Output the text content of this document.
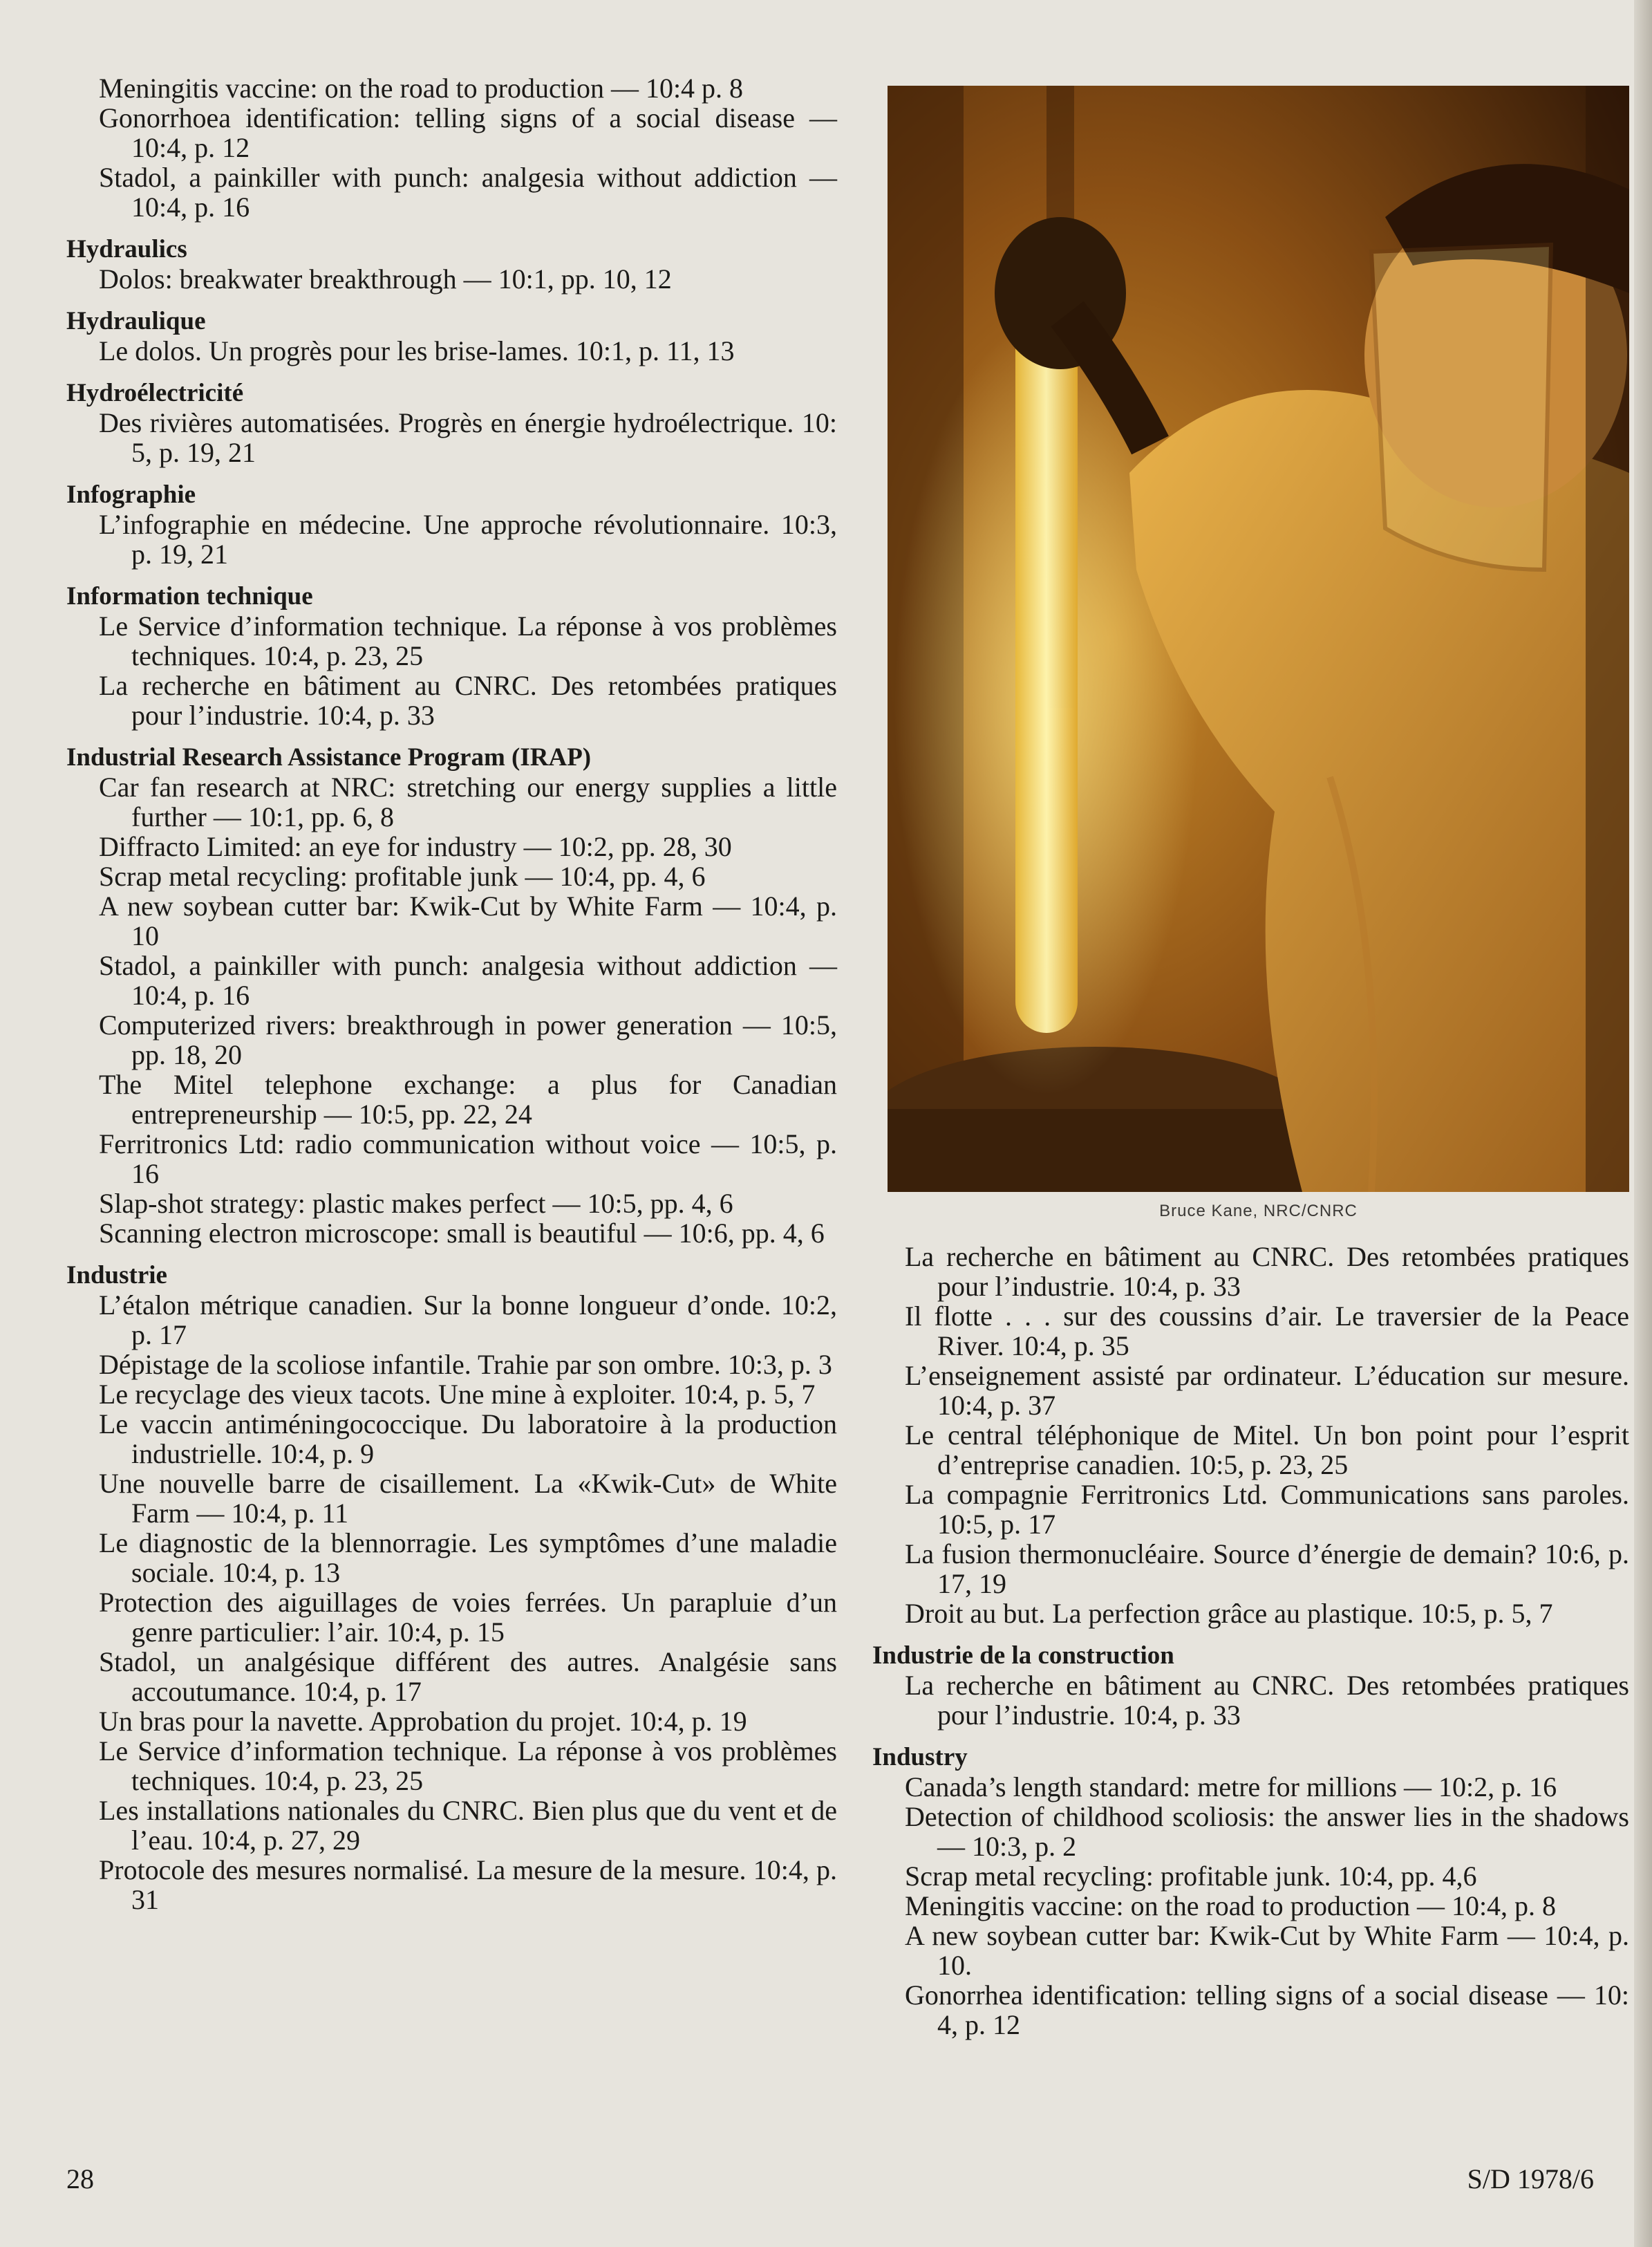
Meningitis vaccine: on the road to production — 10:4 p. 8

Gonorrhoea identification: telling signs of a social disease — 10:4, p. 12

Stadol, a painkiller with punch: analgesia without addiction — 10:4, p. 16

Hydraulics

Dolos: breakwater breakthrough — 10:1, pp. 10, 12

Hydraulique

Le dolos. Un progrès pour les brise-lames. 10:1, p. 11, 13

Hydroélectricité

Des rivières automatisées. Progrès en énergie hydroélectrique. 10: 5, p. 19, 21

Infographie

L’infographie en médecine. Une approche révolutionnaire. 10:3, p. 19, 21

Information technique

Le Service d’information technique. La réponse à vos problèmes techniques. 10:4, p. 23, 25

La recherche en bâtiment au CNRC. Des retombées pratiques pour l’industrie. 10:4, p. 33

Industrial Research Assistance Program (IRAP)

Car fan research at NRC: stretching our energy supplies a little further — 10:1, pp. 6, 8

Diffracto Limited: an eye for industry — 10:2, pp. 28, 30

Scrap metal recycling: profitable junk — 10:4, pp. 4, 6

A new soybean cutter bar: Kwik-Cut by White Farm — 10:4, p. 10

Stadol, a painkiller with punch: analgesia without addiction — 10:4, p. 16

Computerized rivers: breakthrough in power generation — 10:5, pp. 18, 20

The Mitel telephone exchange: a plus for Canadian entrepreneurship — 10:5, pp. 22, 24

Ferritronics Ltd: radio communication without voice — 10:5, p. 16

Slap-shot strategy: plastic makes perfect — 10:5, pp. 4, 6

Scanning electron microscope: small is beautiful — 10:6, pp. 4, 6

Industrie

L’étalon métrique canadien. Sur la bonne longueur d’onde. 10:2, p. 17

Dépistage de la scoliose infantile. Trahie par son ombre. 10:3, p. 3

Le recyclage des vieux tacots. Une mine à exploiter. 10:4, p. 5, 7

Le vaccin antiméningococcique. Du laboratoire à la production industrielle. 10:4, p. 9

Une nouvelle barre de cisaillement. La «Kwik-Cut» de White Farm — 10:4, p. 11

Le diagnostic de la blennorragie. Les symptômes d’une maladie sociale. 10:4, p. 13

Protection des aiguillages de voies ferrées. Un parapluie d’un genre particulier: l’air. 10:4, p. 15

Stadol, un analgésique différent des autres. Analgésie sans accoutumance. 10:4, p. 17

Un bras pour la navette. Approbation du projet. 10:4, p. 19

Le Service d’information technique. La réponse à vos problèmes techniques. 10:4, p. 23, 25

Les installations nationales du CNRC. Bien plus que du vent et de l’eau. 10:4, p. 27, 29

Protocole des mesures normalisé. La mesure de la mesure. 10:4, p. 31

Bruce Kane, NRC/CNRC

La recherche en bâtiment au CNRC. Des retombées pratiques pour l’industrie. 10:4, p. 33

Il flotte . . . sur des coussins d’air. Le traversier de la Peace River. 10:4, p. 35

L’enseignement assisté par ordinateur. L’éducation sur mesure. 10:4, p. 37

Le central téléphonique de Mitel. Un bon point pour l’esprit d’entreprise canadien. 10:5, p. 23, 25

La compagnie Ferritronics Ltd. Communications sans paroles. 10:5, p. 17

La fusion thermonucléaire. Source d’énergie de demain? 10:6, p. 17, 19

Droit au but. La perfection grâce au plastique. 10:5, p. 5, 7

Industrie de la construction

La recherche en bâtiment au CNRC. Des retombées pratiques pour l’industrie. 10:4, p. 33

Industry

Canada’s length standard: metre for millions — 10:2, p. 16

Detection of childhood scoliosis: the answer lies in the shadows — 10:3, p. 2

Scrap metal recycling: profitable junk. 10:4, pp. 4,6

Meningitis vaccine: on the road to production — 10:4, p. 8

A new soybean cutter bar: Kwik-Cut by White Farm — 10:4, p. 10.

Gonorrhea identification: telling signs of a social disease — 10: 4, p. 12

28	S/D 1978/6
